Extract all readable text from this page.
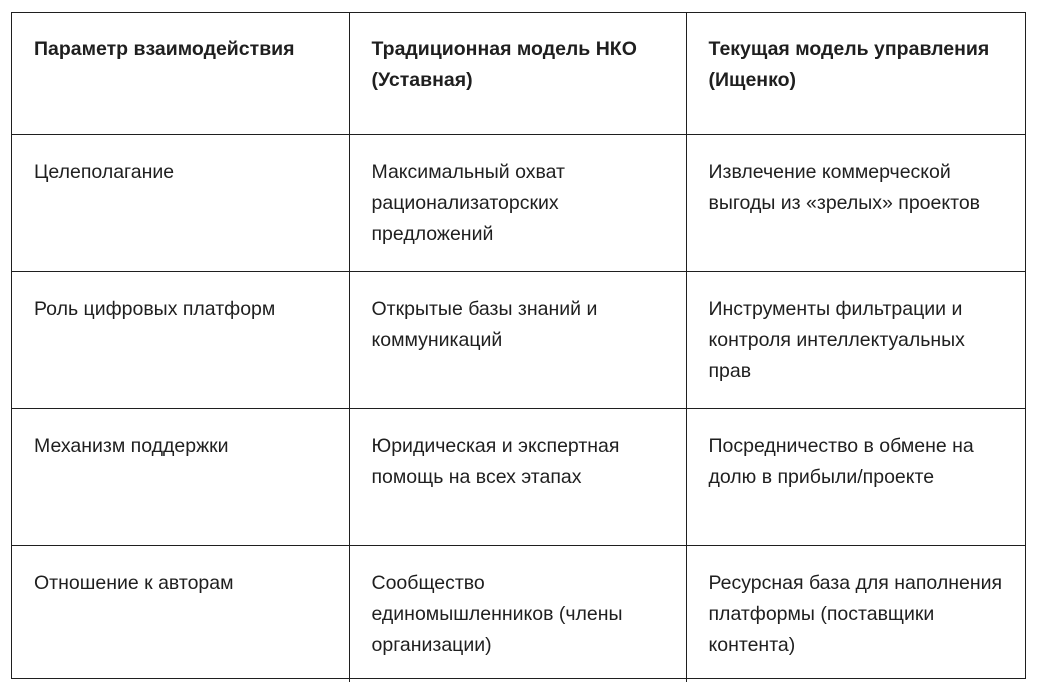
Параметр взаимодействия	Традиционная модель НКО (Уставная)	Текущая модель управления (Ищенко)
Целеполагание	Максимальный охват рационализаторских предложений	Извлечение коммерческой выгоды из «зрелых» проектов
Роль цифровых платформ	Открытые базы знаний и коммуникаций	Инструменты фильтрации и контроля интеллектуальных прав
Механизм поддержки	Юридическая и экспертная помощь на всех этапах	Посредничество в обмене на долю в прибыли/проекте
Отношение к авторам	Сообщество единомышленников (члены организации)	Ресурсная база для наполнения платформы (поставщики контента)
